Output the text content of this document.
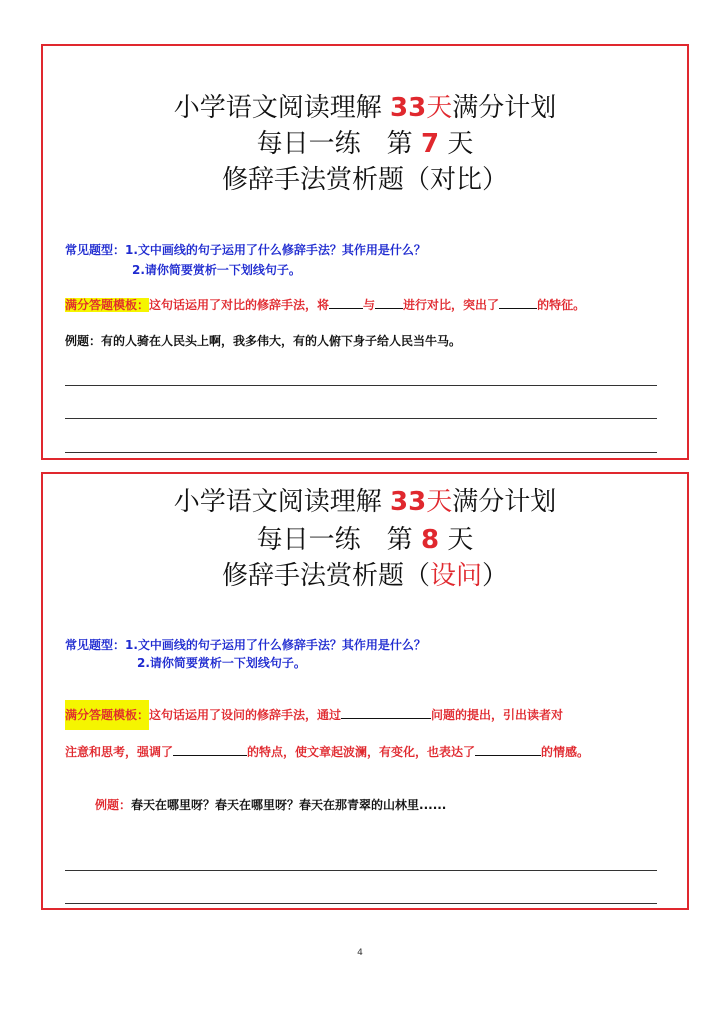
小学语文阅读理解 33天满分计划
每日一练　第 7 天
修辞手法赏析题（对比）
常见题型：1.文中画线的句子运用了什么修辞手法？其作用是什么？
2.请你简要赏析一下划线句子。
满分答题模板：这句话运用了对比的修辞手法，将	与 进行对比，突出了	的特征。
例题：有的人骑在人民头上啊，我多伟大，有的人俯下身子给人民当牛马。
小学语文阅读理解 33天满分计划
每日一练　第 8 天
修辞手法赏析题（设问）
常见题型：1.文中画线的句子运用了什么修辞手法？其作用是什么？
2.请你简要赏析一下划线句子。
满分答题模板：这句话运用了设问的修辞手法，通过	问题的提出，引出读者对
注意和思考，强调了	的特点，使文章起波澜，有变化，也表达了	的情感。
例题：春天在哪里呀？春天在哪里呀？春天在那青翠的山林里......
4
